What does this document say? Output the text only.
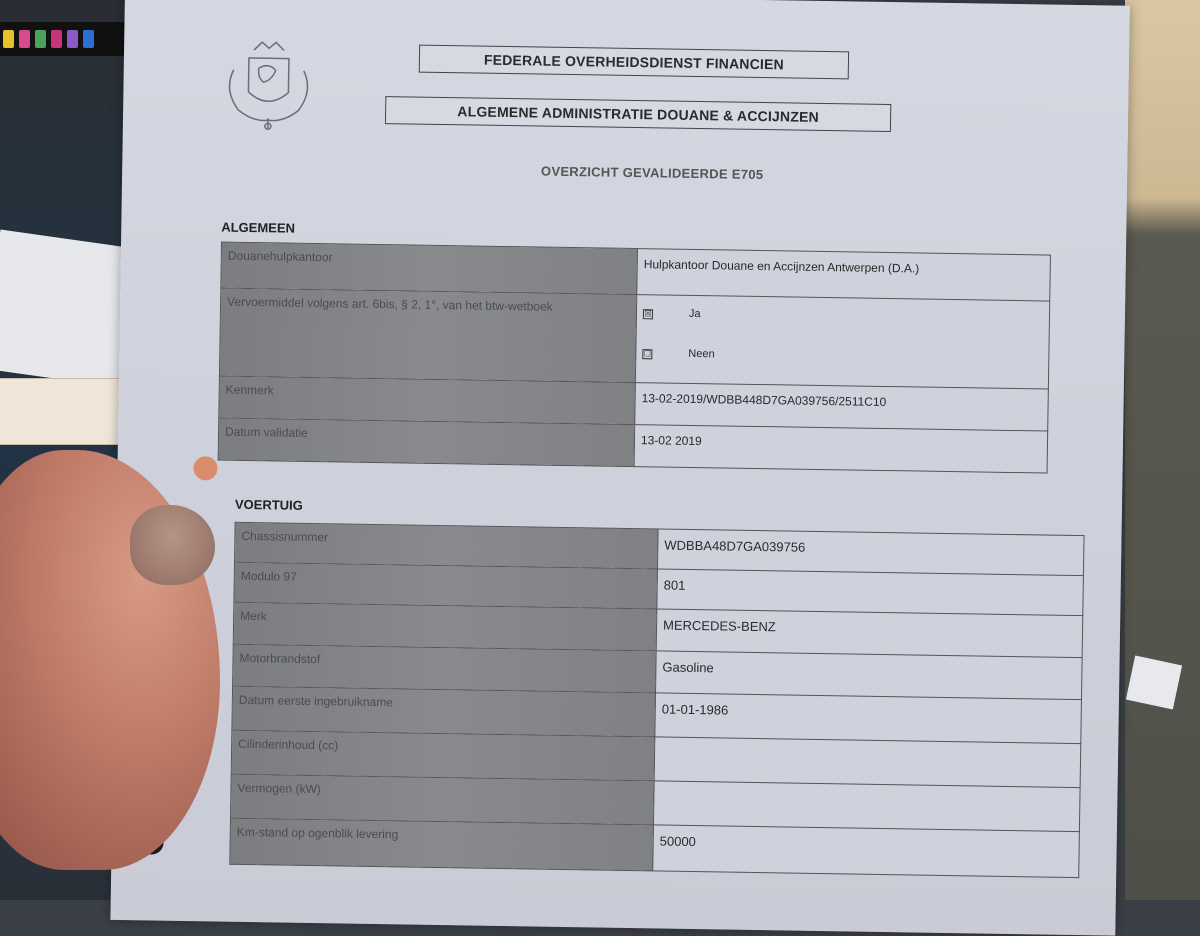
FEDERALE OVERHEIDSDIENST FINANCIEN
ALGEMENE ADMINISTRATIE DOUANE & ACCIJNZEN
OVERZICHT GEVALIDEERDE E705
ALGEMEEN
Douanehulpkantoor	Hulpkantoor Douane en Accijnzen Antwerpen (D.A.)
Vervoermiddel volgens art. 6bis, § 2, 1°, van het btw-wetboek	☒ Ja
☐ Neen

Kenmerk	13-02-2019/WDBB448D7GA039756/2511C10
Datum validatie	13-02 2019
VOERTUIG
Chassisnummer	WDBBA48D7GA039756
Modulo 97	801
Merk	MERCEDES-BENZ
Motorbrandstof	Gasoline
Datum eerste ingebruikname	01-01-1986
Cilinderinhoud (cc)	
Vermogen (kW)	
Km-stand op ogenblik levering	50000
